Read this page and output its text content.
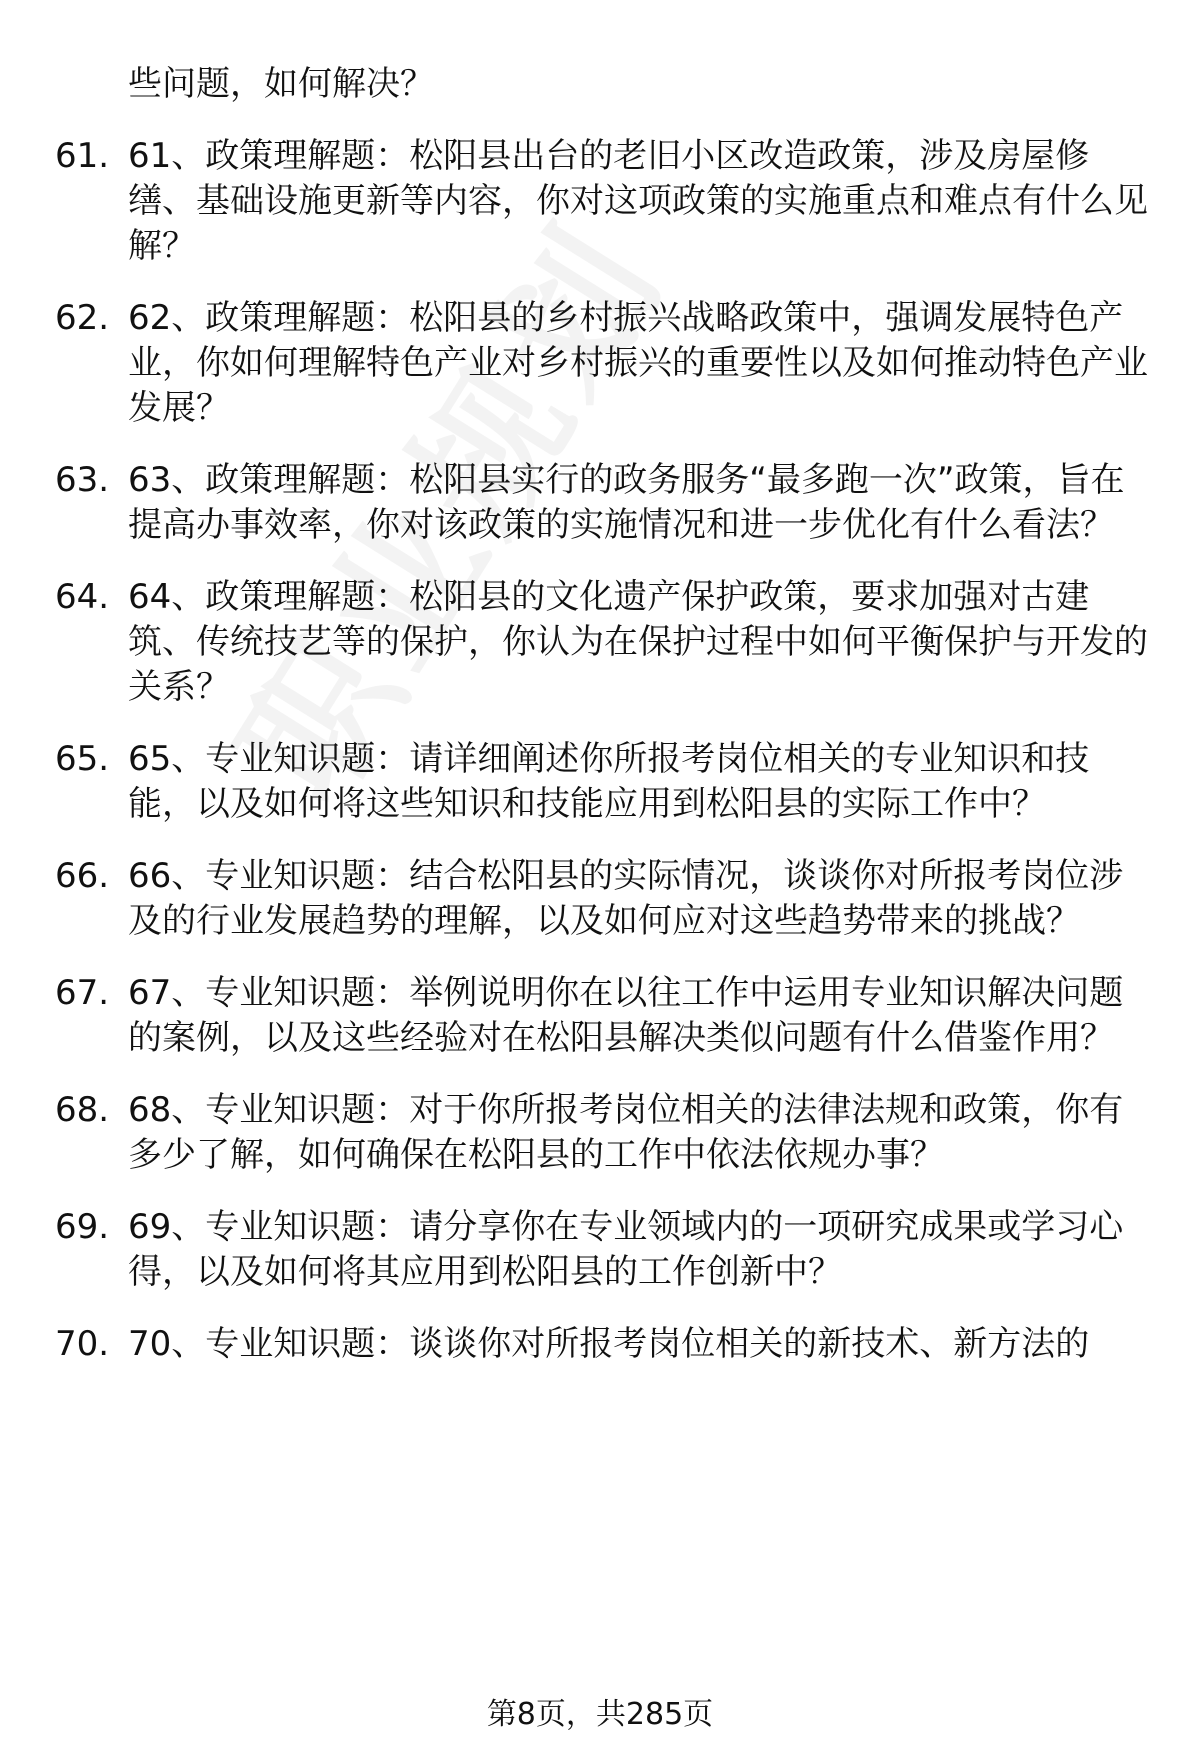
些问题，如何解决？
61. 61、政策理解题：松阳县出台的老旧小区改造政策，涉及房屋修缮、基础设施更新等内容，你对这项政策的实施重点和难点有什么见解？
62. 62、政策理解题：松阳县的乡村振兴战略政策中，强调发展特色产业，你如何理解特色产业对乡村振兴的重要性以及如何推动特色产业发展？
63. 63、政策理解题：松阳县实行的政务服务“最多跑一次”政策，旨在提高办事效率，你对该政策的实施情况和进一步优化有什么看法？
64. 64、政策理解题：松阳县的文化遗产保护政策，要求加强对古建筑、传统技艺等的保护，你认为在保护过程中如何平衡保护与开发的关系？
65. 65、专业知识题：请详细阐述你所报考岗位相关的专业知识和技能，以及如何将这些知识和技能应用到松阳县的实际工作中？
66. 66、专业知识题：结合松阳县的实际情况，谈谈你对所报考岗位涉及的行业发展趋势的理解，以及如何应对这些趋势带来的挑战？
67. 67、专业知识题：举例说明你在以往工作中运用专业知识解决问题的案例，以及这些经验对在松阳县解决类似问题有什么借鉴作用？
68. 68、专业知识题：对于你所报考岗位相关的法律法规和政策，你有多少了解，如何确保在松阳县的工作中依法依规办事？
69. 69、专业知识题：请分享你在专业领域内的一项研究成果或学习心得，以及如何将其应用到松阳县的工作创新中？
70. 70、专业知识题：谈谈你对所报考岗位相关的新技术、新方法的
第8页，共285页
